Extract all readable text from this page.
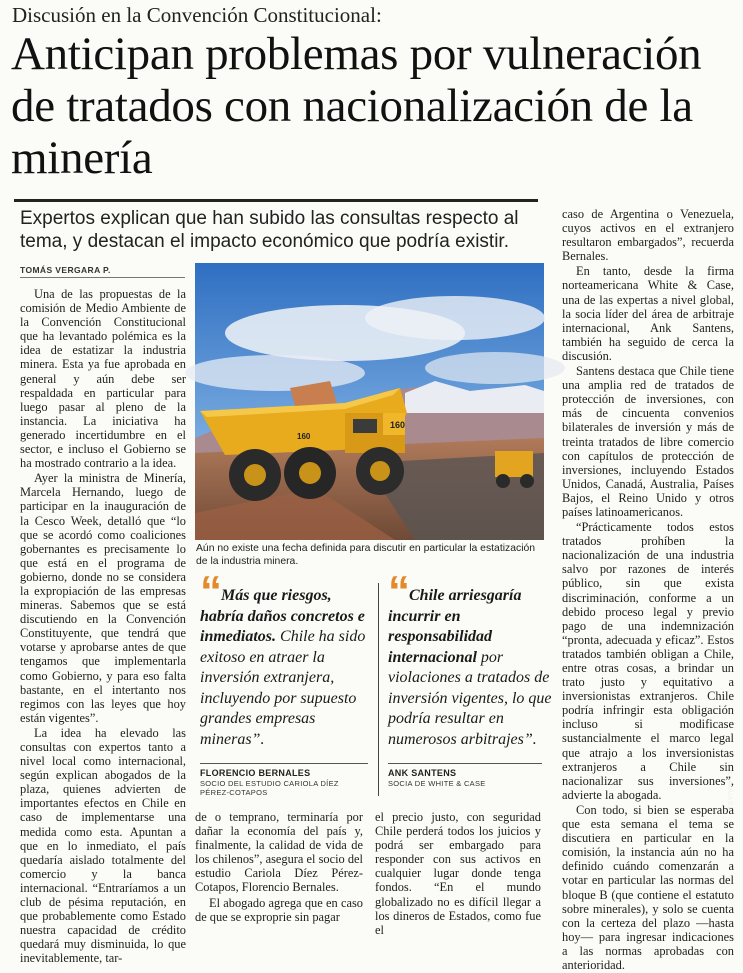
Discusión en la Convención Constitucional:
Anticipan problemas por vulneración de tratados con nacionalización de la minería
Expertos explican que han subido las consultas respecto al tema, y destacan el impacto económico que podría existir.
TOMÁS VERGARA P.

Una de las propuestas de la comisión de Medio Ambiente de la Convención Constitucional que ha levantado polémica es la idea de estatizar la industria minera. Esta ya fue aprobada en general y aún debe ser respaldada en particular para luego pasar al pleno de la instancia. La iniciativa ha generado incertidumbre en el sector, e incluso el Gobierno se ha mostrado contrario a la idea.

Ayer la ministra de Minería, Marcela Hernando, luego de participar en la inauguración de la Cesco Week, detalló que “lo que se acordó como coaliciones gobernantes es precisamente lo que está en el programa de gobierno, donde no se considera la expropiación de las empresas mineras. Sabemos que se está discutiendo en la Convención Constituyente, que tendrá que votarse y aprobarse antes de que tengamos que implementarla como Gobierno, y para eso falta bastante, en el intertanto nos regimos con las leyes que hoy están vigentes”.

La idea ha elevado las consultas con expertos tanto a nivel local como internacional, según explican abogados de la plaza, quienes advierten de importantes efectos en Chile en caso de implementarse una medida como esta. Apuntan a que en lo inmediato, el país quedaría aislado totalmente del comercio y la banca internacional. “Entraríamos a un club de pésima reputación, en que probablemente como Estado nuestra capacidad de crédito quedará muy disminuida, lo que inevitablemente, tar-

160
160
COLLAMUAS1
Aún no existe una fecha definida para discutir en particular la estatización de la industria minera.
“ Más que riesgos, habría daños concretos e inmediatos. Chile ha sido exitoso en atraer la inversión extranjera, incluyendo por supuesto grandes empresas mineras”.
FLORENCIO BERNALES
SOCIO DEL ESTUDIO CARIOLA DÍEZ PÉREZ-COTAPOS
“ Chile arriesgaría incurrir en responsabilidad internacional por violaciones a tratados de inversión vigentes, lo que podría resultar en numerosos arbitrajes”.
ANK SANTENS
SOCIA DE WHITE & CASE

de o temprano, terminaría por dañar la economía del país y, finalmente, la calidad de vida de los chilenos”, asegura el socio del estudio Cariola Díez Pérez-Cotapos, Florencio Bernales.

El abogado agrega que en caso de que se exproprie sin pagar

el precio justo, con seguridad Chile perderá todos los juicios y podrá ser embargado para responder con sus activos en cualquier lugar donde tenga fondos. “En el mundo globalizado no es difícil llegar a los dineros de Estados, como fue el

caso de Argentina o Venezuela, cuyos activos en el extranjero resultaron embargados”, recuerda Bernales.

En tanto, desde la firma norteamericana White & Case, una de las expertas a nivel global, la socia líder del área de arbitraje internacional, Ank Santens, también ha seguido de cerca la discusión.

Santens destaca que Chile tiene una amplia red de tratados de protección de inversiones, con más de cincuenta convenios bilaterales de inversión y más de treinta tratados de libre comercio con capítulos de protección de inversiones, incluyendo Estados Unidos, Canadá, Australia, Países Bajos, el Reino Unido y otros países latinoamericanos.

“Prácticamente todos estos tratados prohíben la nacionalización de una industria salvo por razones de interés público, sin que exista discriminación, conforme a un debido proceso legal y previo pago de una indemnización “pronta, adecuada y eficaz”. Estos tratados también obligan a Chile, entre otras cosas, a brindar un trato justo y equitativo a inversionistas extranjeros. Chile podría infringir esta obligación incluso si modificase sustancialmente el marco legal que atrajo a los inversionistas extranjeros a Chile sin nacionalizar sus inversiones”, advierte la abogada.

Con todo, si bien se esperaba que esta semana el tema se discutiera en particular en la comisión, la instancia aún no ha definido cuándo comenzarán a votar en particular las normas del bloque B (que contiene el estatuto sobre minerales), y solo se cuenta con la certeza del plazo —hasta hoy— para ingresar indicaciones a las normas aprobadas con anterioridad.
